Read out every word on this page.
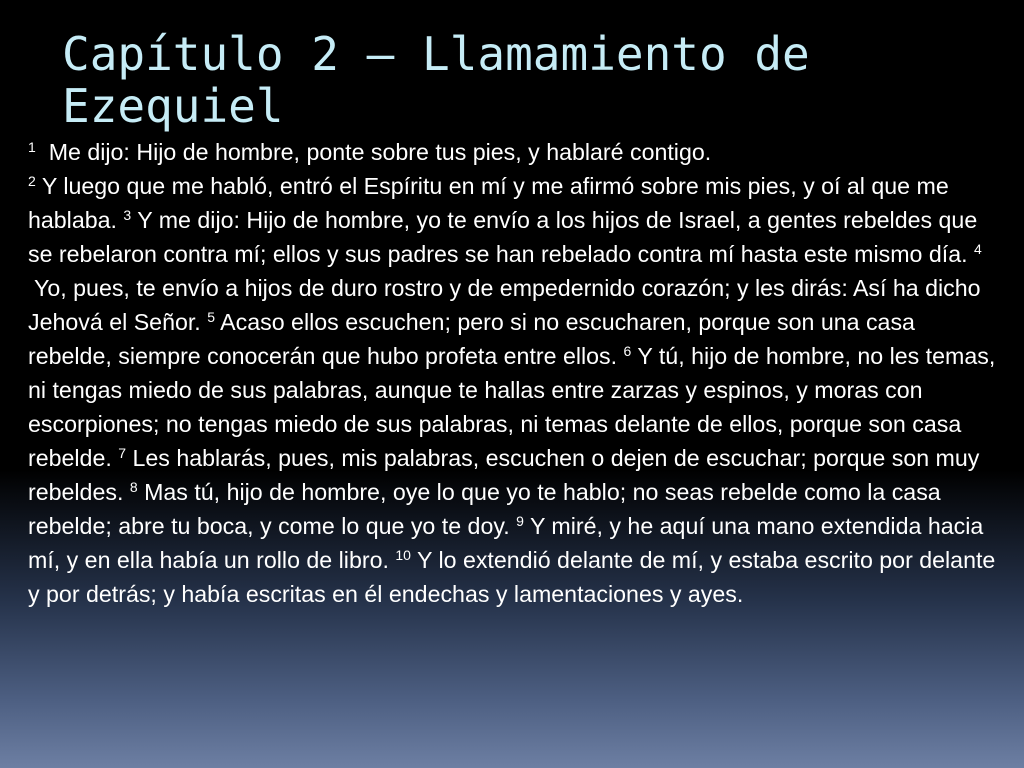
Capítulo 2 – Llamamiento de Ezequiel

$^1$ Me dijo: Hijo de hombre, ponte sobre tus pies, y hablaré contigo.
$^2$ Y luego que me habló, entró el Espíritu en mí y me afirmó sobre mis pies, y oí al que me hablaba. $^3$ Y me dijo: Hijo de hombre, yo te envío a los hijos de Israel, a gentes rebeldes que se rebelaron contra mí; ellos y sus padres se han rebelado contra mí hasta este mismo día. $^4$ Yo, pues, te envío a hijos de duro rostro y de empedernido corazón; y les dirás: Así ha dicho Jehová el Señor. $^5$ Acaso ellos escuchen; pero si no escucharen, porque son una casa rebelde, siempre conocerán que hubo profeta entre ellos. $^6$ Y tú, hijo de hombre, no les temas, ni tengas miedo de sus palabras, aunque te hallas entre zarzas y espinos, y moras con escorpiones; no tengas miedo de sus palabras, ni temas delante de ellos, porque son casa rebelde. $^7$ Les hablarás, pues, mis palabras, escuchen o dejen de escuchar; porque son muy rebeldes. $^8$ Mas tú, hijo de hombre, oye lo que yo te hablo; no seas rebelde como la casa rebelde; abre tu boca, y come lo que yo te doy. $^9$ Y miré, y he aquí una mano extendida hacia mí, y en ella había un rollo de libro. $^{10}$ Y lo extendió delante de mí, y estaba escrito por delante y por detrás; y había escritas en él endechas y lamentaciones y ayes.
